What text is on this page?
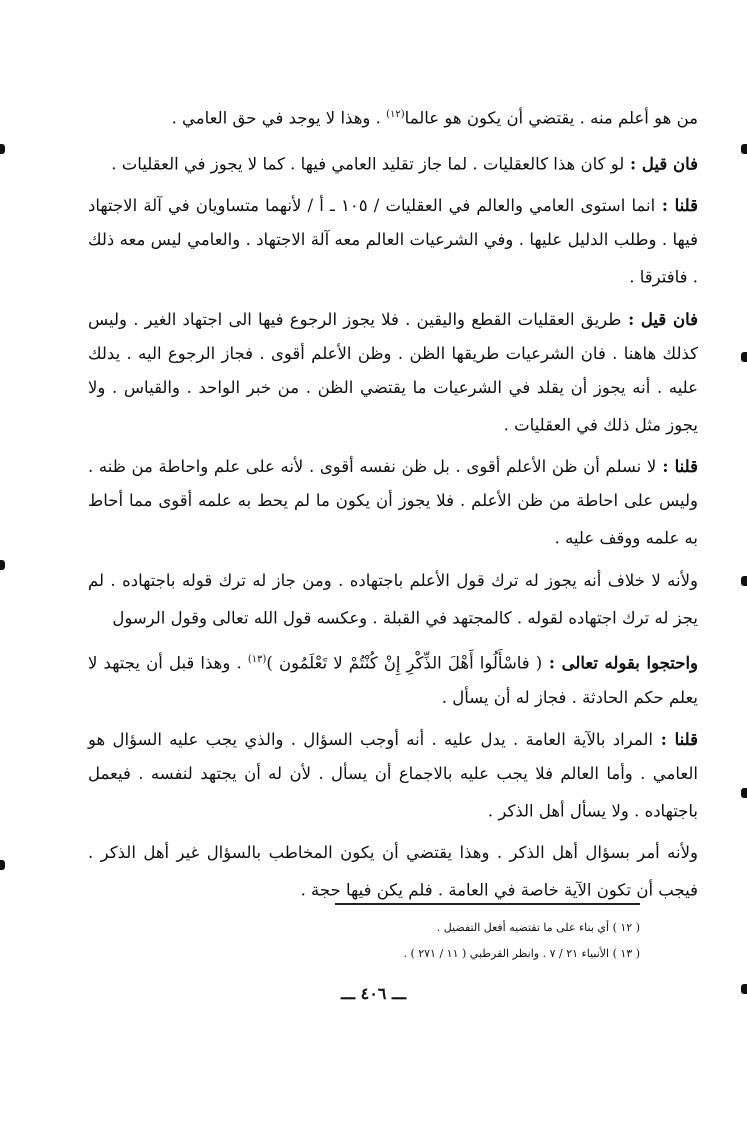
من هو أعلم منه . يقتضي أن يكون هو عالما$^{(١٢)}$ . وهذا لا يوجد في حق العامي .

فان قيل : لو كان هذا كالعقليات . لما جاز تقليد العامي فيها . كما لا يجوز في العقليات .

قلنا : انما استوى العامي والعالم في العقليات / ١٠٥ ـ أ / لأنهما متساويان في آلة الاجتهاد فيها . وطلب الدليل عليها . وفي الشرعيات العالم معه آلة الاجتهاد . والعامي ليس معه ذلك . فافترقا .

فان قيل : طريق العقليات القطع واليقين . فلا يجوز الرجوع فيها الى اجتهاد الغير . وليس كذلك هاهنا . فان الشرعيات طريقها الظن . وظن الأعلم أقوى . فجاز الرجوع اليه . يدلك عليه . أنه يجوز أن يقلد في الشرعيات ما يقتضي الظن . من خبر الواحد . والقياس . ولا يجوز مثل ذلك في العقليات .

قلنا : لا نسلم أن ظن الأعلم أقوى . بل ظن نفسه أقوى . لأنه على علم واحاطة من ظنه . وليس على احاطة من ظن الأعلم . فلا يجوز أن يكون ما لم يحط به علمه أقوى مما أحاط به علمه ووقف عليه .

ولأنه لا خلاف أنه يجوز له ترك قول الأعلم باجتهاده . ومن جاز له ترك قوله باجتهاده . لم يجز له ترك اجتهاده لقوله . كالمجتهد في القبلة . وعكسه قول الله تعالى وقول الرسول

واحتجوا بقوله تعالى : ( فاسْأَلُوا أَهْلَ الذِّكْرِ إِنْ كُنْتُمْ لا تَعْلَمُون )$^{(١٣)}$ . وهذا قبل أن يجتهد لا يعلم حكم الحادثة . فجاز له أن يسأل .

قلنا : المراد بالآية العامة . يدل عليه . أنه أوجب السؤال . والذي يجب عليه السؤال هو العامي . وأما العالم فلا يجب عليه بالاجماع أن يسأل . لأن له أن يجتهد لنفسه . فيعمل باجتهاده . ولا يسأل أهل الذكر .

ولأنه أمر بسؤال أهل الذكر . وهذا يقتضي أن يكون المخاطب بالسؤال غير أهل الذكر . فيجب أن تكون الآية خاصة في العامة . فلم يكن فيها حجة .

( ١٢ ) أي بناء على ما تقتضيه أفعل التفضيل .

( ١٣ ) الأنبياء ٢١ / ٧ . وانظر القرطبي ( ١١ / ٢٧١ ) .

ـــ ٤٠٦ ـــ
